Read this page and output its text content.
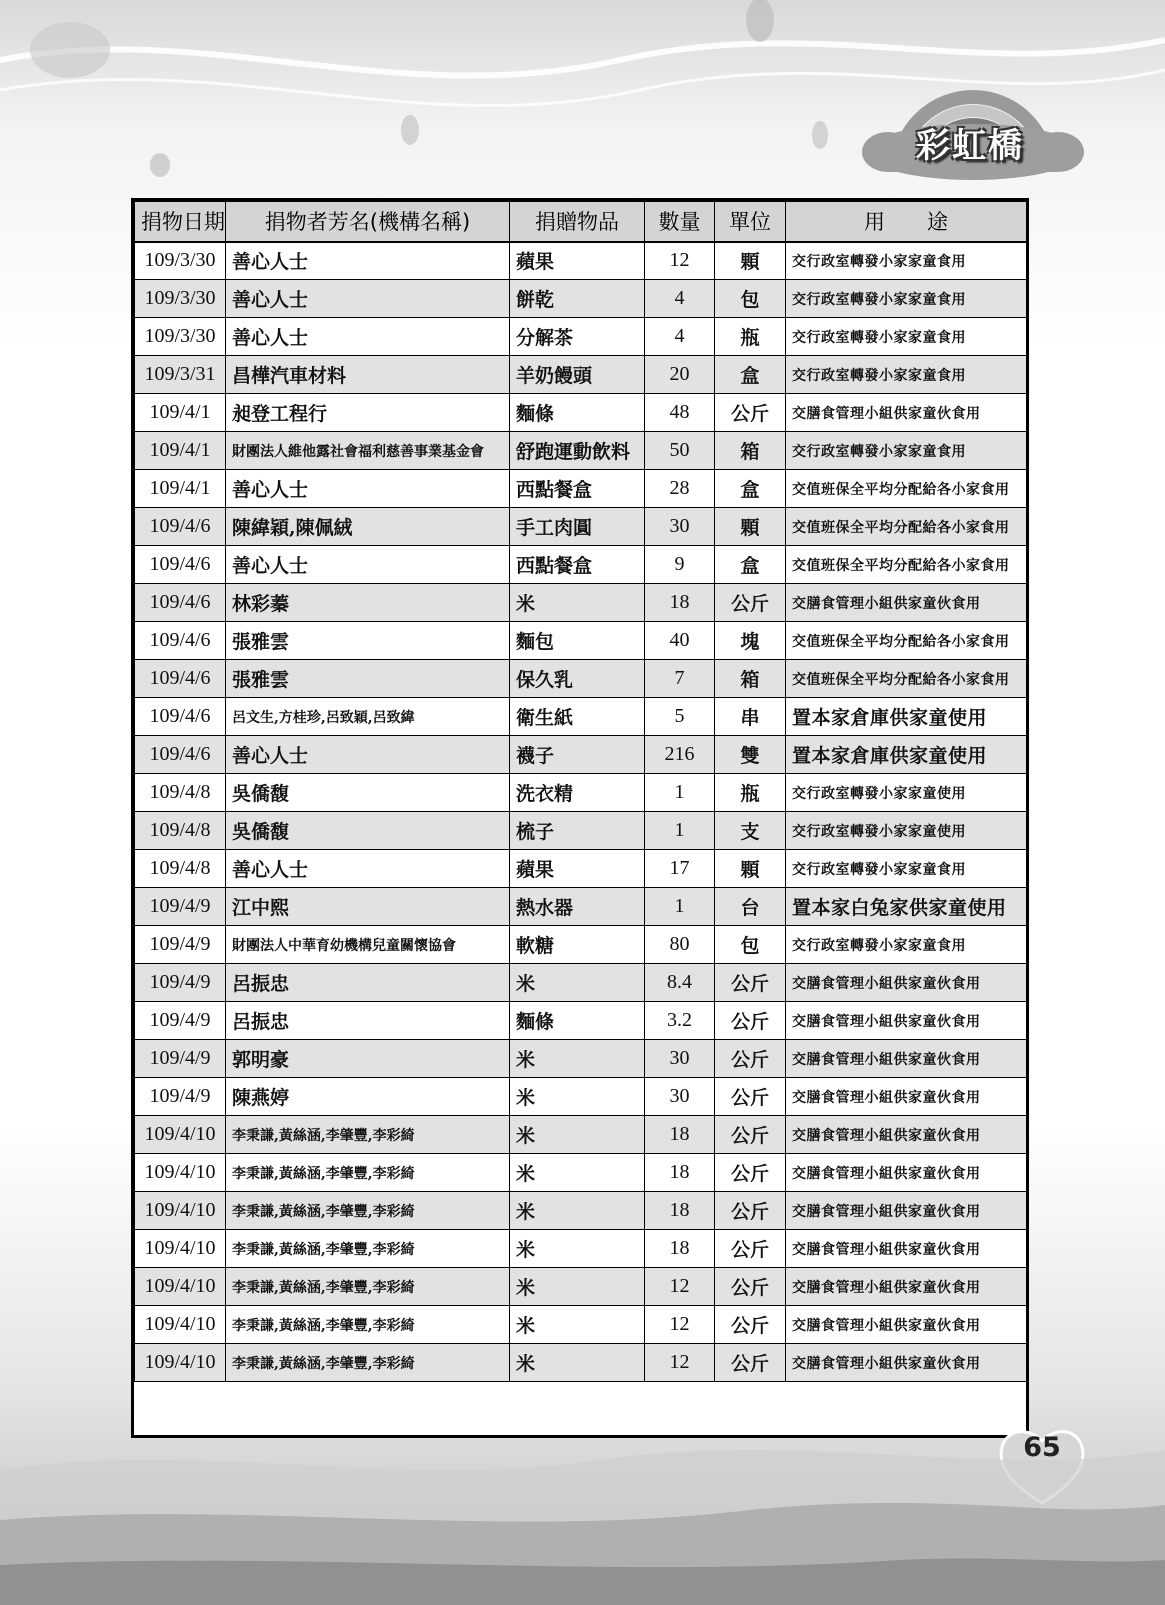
彩虹橋
捐物日期	捐物者芳名(機構名稱)	捐贈物品	數量	單位	用　　途
109/3/30	善心人士	蘋果	12	顆	交行政室轉發小家家童食用
109/3/30	善心人士	餅乾	4	包	交行政室轉發小家家童食用
109/3/30	善心人士	分解茶	4	瓶	交行政室轉發小家家童食用
109/3/31	昌樺汽車材料	羊奶饅頭	20	盒	交行政室轉發小家家童食用
109/4/1	昶登工程行	麵條	48	公斤	交膳食管理小組供家童伙食用
109/4/1	財團法人維他露社會福利慈善事業基金會	舒跑運動飲料	50	箱	交行政室轉發小家家童食用
109/4/1	善心人士	西點餐盒	28	盒	交值班保全平均分配給各小家食用
109/4/6	陳緯穎,陳佩絨	手工肉圓	30	顆	交值班保全平均分配給各小家食用
109/4/6	善心人士	西點餐盒	9	盒	交值班保全平均分配給各小家食用
109/4/6	林彩蓁	米	18	公斤	交膳食管理小組供家童伙食用
109/4/6	張雅雲	麵包	40	塊	交值班保全平均分配給各小家食用
109/4/6	張雅雲	保久乳	7	箱	交值班保全平均分配給各小家食用
109/4/6	呂文生,方桂珍,呂致穎,呂致緯	衛生紙	5	串	置本家倉庫供家童使用
109/4/6	善心人士	襪子	216	雙	置本家倉庫供家童使用
109/4/8	吳僑馥	洗衣精	1	瓶	交行政室轉發小家家童使用
109/4/8	吳僑馥	梳子	1	支	交行政室轉發小家家童使用
109/4/8	善心人士	蘋果	17	顆	交行政室轉發小家家童食用
109/4/9	江中熙	熱水器	1	台	置本家白兔家供家童使用
109/4/9	財團法人中華育幼機構兒童關懷協會	軟糖	80	包	交行政室轉發小家家童食用
109/4/9	呂振忠	米	8.4	公斤	交膳食管理小組供家童伙食用
109/4/9	呂振忠	麵條	3.2	公斤	交膳食管理小組供家童伙食用
109/4/9	郭明豪	米	30	公斤	交膳食管理小組供家童伙食用
109/4/9	陳燕婷	米	30	公斤	交膳食管理小組供家童伙食用
109/4/10	李秉謙,黃絲涵,李肇豐,李彩綺	米	18	公斤	交膳食管理小組供家童伙食用
109/4/10	李秉謙,黃絲涵,李肇豐,李彩綺	米	18	公斤	交膳食管理小組供家童伙食用
109/4/10	李秉謙,黃絲涵,李肇豐,李彩綺	米	18	公斤	交膳食管理小組供家童伙食用
109/4/10	李秉謙,黃絲涵,李肇豐,李彩綺	米	18	公斤	交膳食管理小組供家童伙食用
109/4/10	李秉謙,黃絲涵,李肇豐,李彩綺	米	12	公斤	交膳食管理小組供家童伙食用
109/4/10	李秉謙,黃絲涵,李肇豐,李彩綺	米	12	公斤	交膳食管理小組供家童伙食用
109/4/10	李秉謙,黃絲涵,李肇豐,李彩綺	米	12	公斤	交膳食管理小組供家童伙食用
65
